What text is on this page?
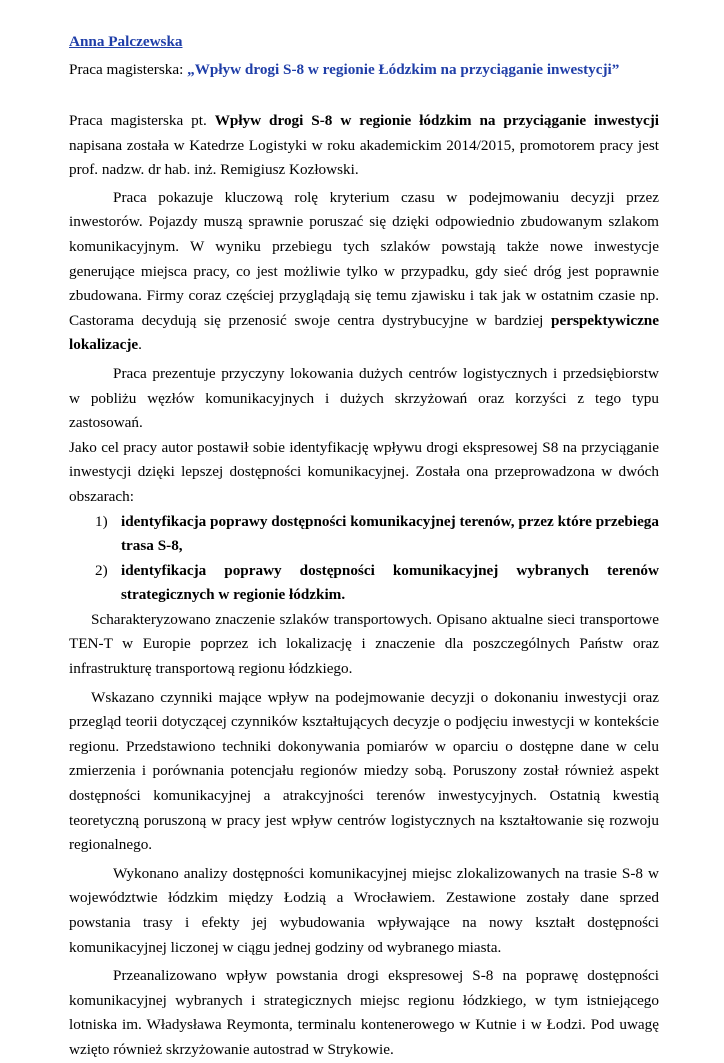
Anna Palczewska
Praca magisterska: „Wpływ drogi S-8 w regionie Łódzkim na przyciąganie inwestycji”

Praca magisterska pt. Wpływ drogi S-8 w regionie łódzkim na przyciąganie inwestycji napisana została w Katedrze Logistyki w roku akademickim 2014/2015, promotorem pracy jest prof. nadzw. dr hab. inż. Remigiusz Kozłowski.

Praca pokazuje kluczową rolę kryterium czasu w podejmowaniu decyzji przez inwestorów. Pojazdy muszą sprawnie poruszać się dzięki odpowiednio zbudowanym szlakom komunikacyjnym. W wyniku przebiegu tych szlaków powstają także nowe inwestycje generujące miejsca pracy, co jest możliwie tylko w przypadku, gdy sieć dróg jest poprawnie zbudowana. Firmy coraz częściej przyglądają się temu zjawisku i tak jak w ostatnim czasie np. Castorama decydują się przenosić swoje centra dystrybucyjne w bardziej perspektywiczne lokalizacje.

Praca prezentuje przyczyny lokowania dużych centrów logistycznych i przedsiębiorstw w pobliżu węzłów komunikacyjnych i dużych skrzyżowań oraz korzyści z tego typu zastosowań.

Jako cel pracy autor postawił sobie identyfikację wpływu drogi ekspresowej S8 na przyciąganie inwestycji dzięki lepszej dostępności komunikacyjnej. Została ona przeprowadzona w dwóch obszarach:

1) identyfikacja poprawy dostępności komunikacyjnej terenów, przez które przebiega trasa S-8,
2) identyfikacja poprawy dostępności komunikacyjnej wybranych terenów strategicznych w regionie łódzkim.

Scharakteryzowano znaczenie szlaków transportowych. Opisano aktualne sieci transportowe TEN-T w Europie poprzez ich lokalizację i znaczenie dla poszczególnych Państw oraz infrastrukturę transportową regionu łódzkiego.

Wskazano czynniki mające wpływ na podejmowanie decyzji o dokonaniu inwestycji oraz przegląd teorii dotyczącej czynników kształtujących decyzje o podjęciu inwestycji w kontekście regionu. Przedstawiono techniki dokonywania pomiarów w oparciu o dostępne dane w celu zmierzenia i porównania potencjału regionów miedzy sobą. Poruszony został również aspekt dostępności komunikacyjnej a atrakcyjności terenów inwestycyjnych. Ostatnią kwestią teoretyczną poruszoną w pracy jest wpływ centrów logistycznych na kształtowanie się rozwoju regionalnego.

Wykonano analizy dostępności komunikacyjnej miejsc zlokalizowanych na trasie S-8 w województwie łódzkim między Łodzią a Wrocławiem. Zestawione zostały dane sprzed powstania trasy i efekty jej wybudowania wpływające na nowy kształt dostępności komunikacyjnej liczonej w ciągu jednej godziny od wybranego miasta.

Przeanalizowano wpływ powstania drogi ekspresowej S-8 na poprawę dostępności komunikacyjnej wybranych i strategicznych miejsc regionu łódzkiego, w tym istniejącego lotniska im. Władysława Reymonta, terminalu kontenerowego w Kutnie i w Łodzi. Pod uwagę wzięto również skrzyżowanie autostrad w Strykowie.
